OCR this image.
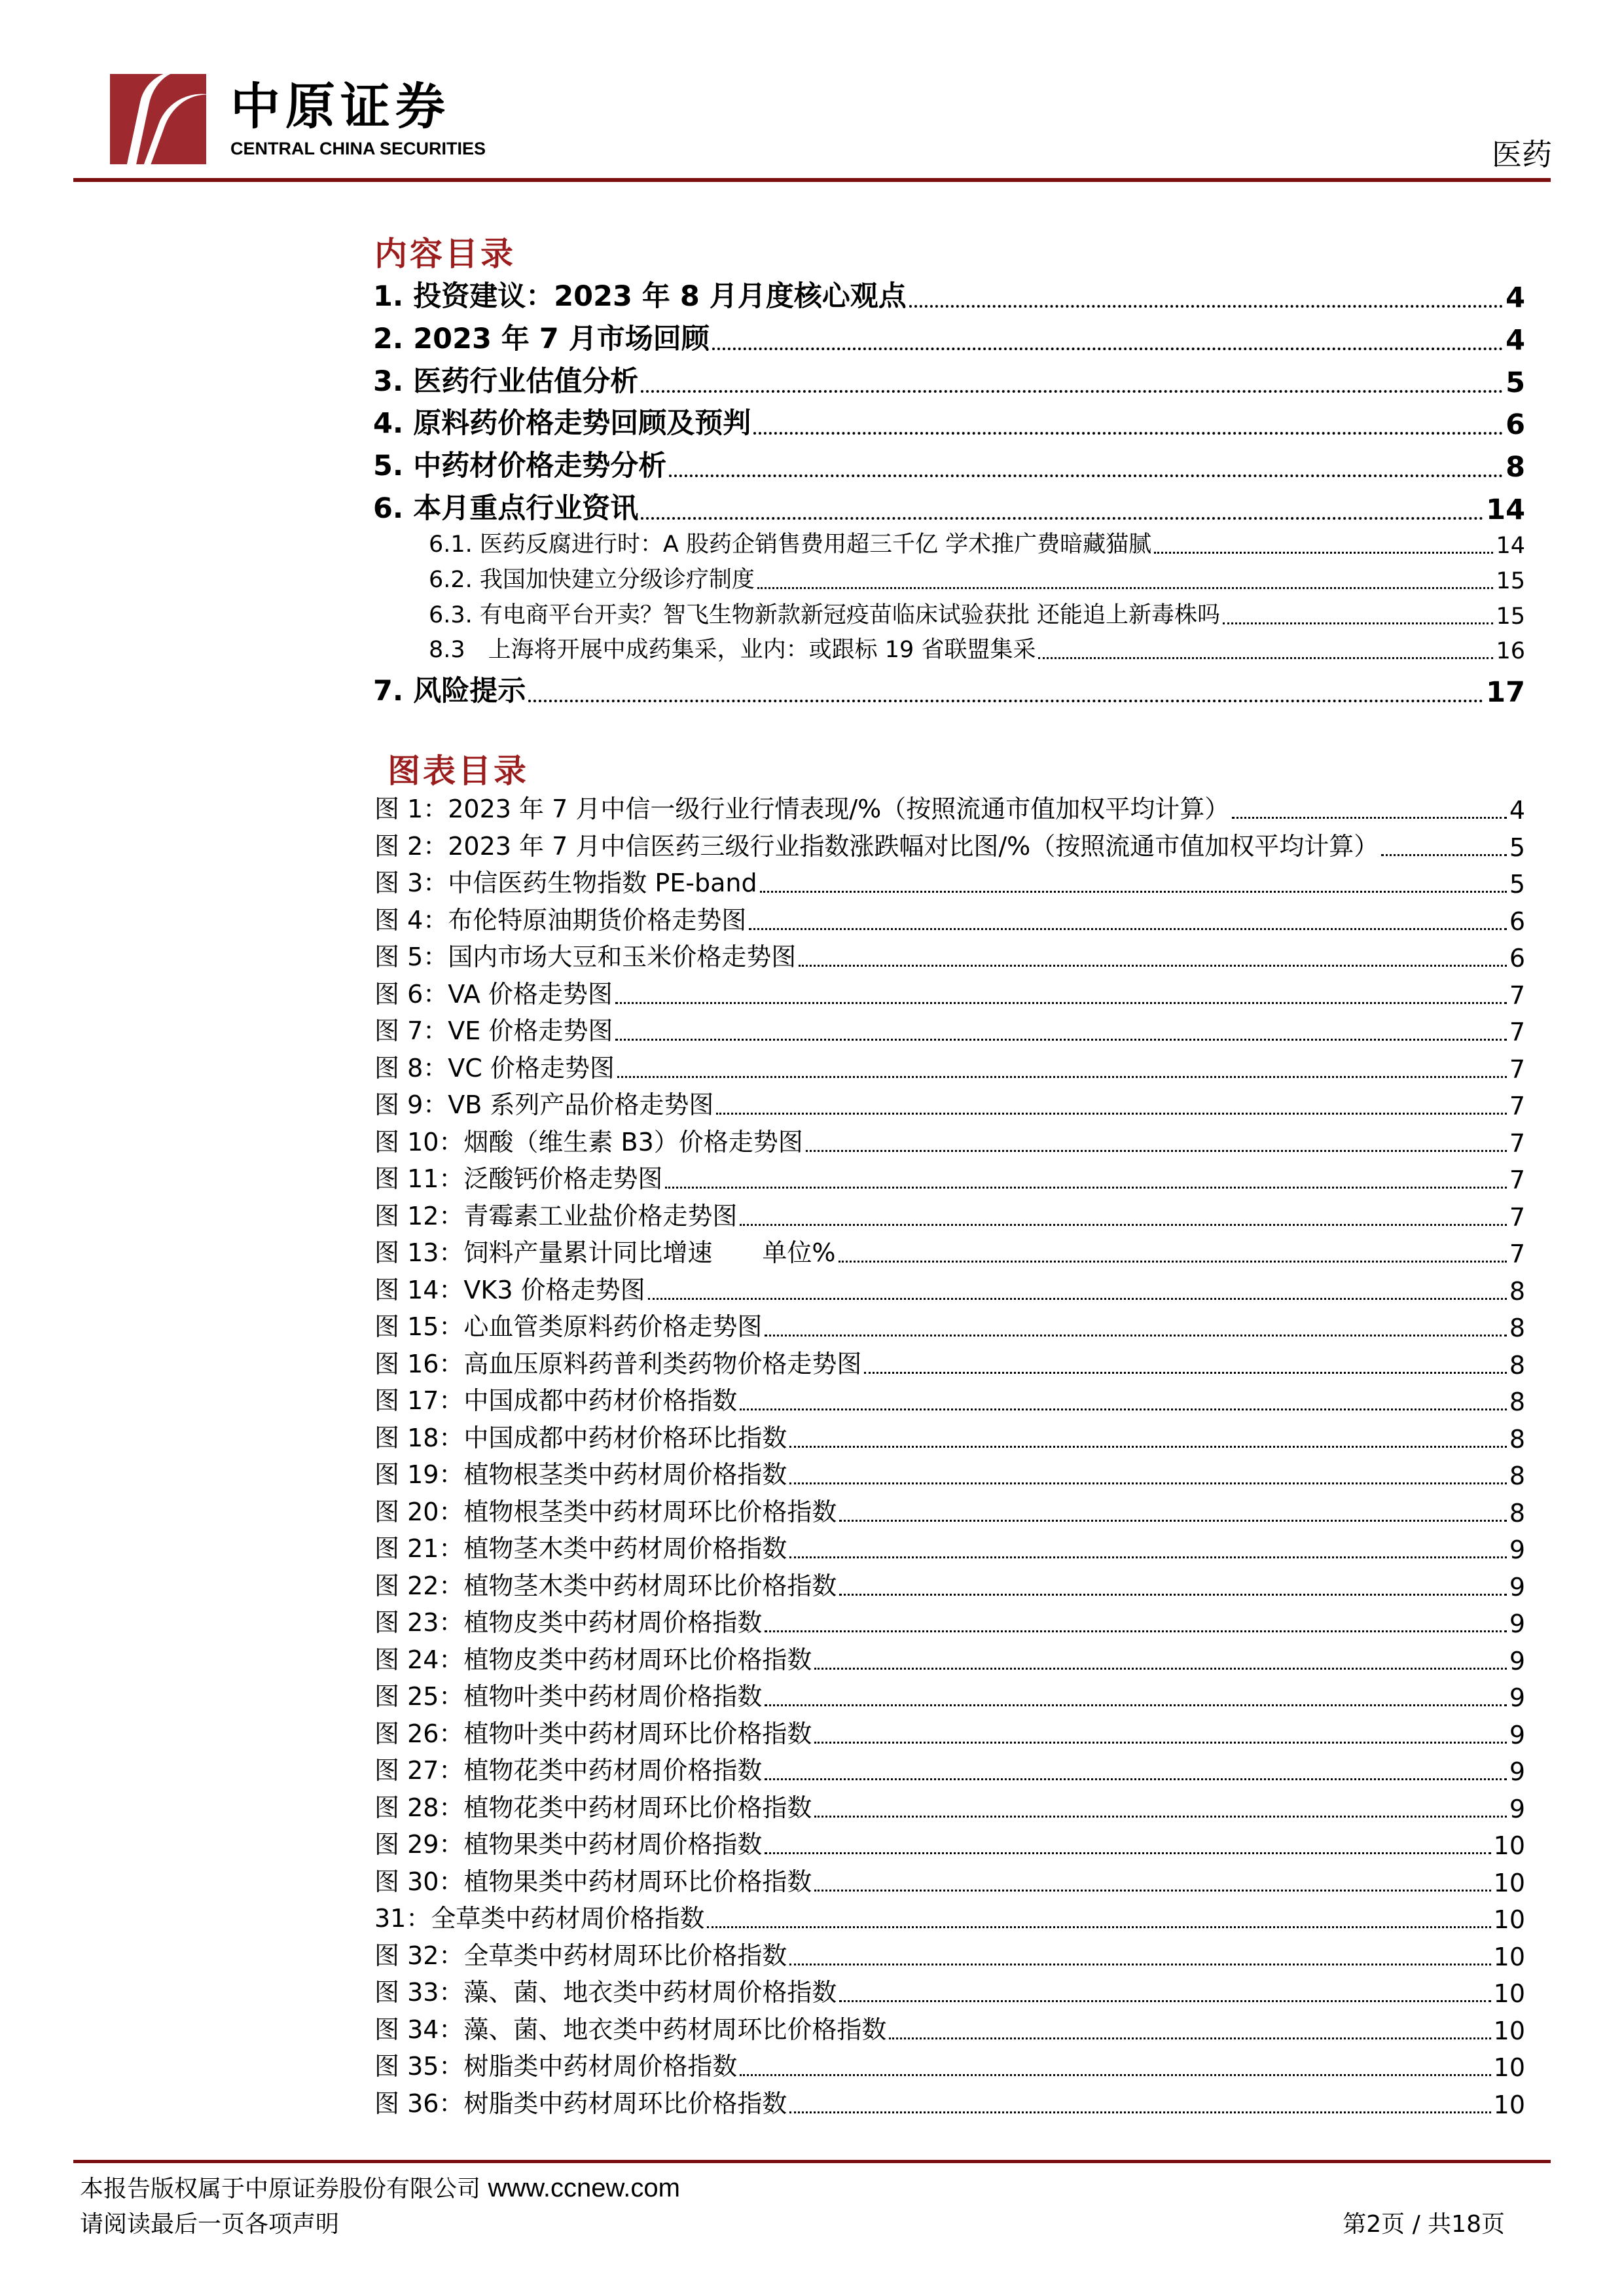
中原证券
CENTRAL CHINA SECURITIES	医药
内容目录
1. 投资建议：2023 年 8 月月度核心观点	4
2. 2023 年 7 月市场回顾	4
3. 医药行业估值分析	5
4. 原料药价格走势回顾及预判	6
5. 中药材价格走势分析	8
6. 本月重点行业资讯	14
6.1. 医药反腐进行时：A 股药企销售费用超三千亿 学术推广费暗藏猫腻	14
6.2. 我国加快建立分级诊疗制度	15
6.3. 有电商平台开卖？智飞生物新款新冠疫苗临床试验获批 还能追上新毒株吗	15
8.3　上海将开展中成药集采，业内：或跟标 19 省联盟集采	16
7. 风险提示	17
图表目录
图 1：2023 年 7 月中信一级行业行情表现/%（按照流通市值加权平均计算）	4
图 2：2023 年 7 月中信医药三级行业指数涨跌幅对比图/%（按照流通市值加权平均计算）	5
图 3：中信医药生物指数 PE-band	5
图 4：布伦特原油期货价格走势图	6
图 5：国内市场大豆和玉米价格走势图	6
图 6：VA 价格走势图	7
图 7：VE 价格走势图	7
图 8：VC 价格走势图	7
图 9：VB 系列产品价格走势图	7
图 10：烟酸（维生素 B3）价格走势图	7
图 11：泛酸钙价格走势图	7
图 12：青霉素工业盐价格走势图	7
图 13：饲料产量累计同比增速　　单位%	7
图 14：VK3 价格走势图	8
图 15：心血管类原料药价格走势图	8
图 16：高血压原料药普利类药物价格走势图	8
图 17：中国成都中药材价格指数	8
图 18：中国成都中药材价格环比指数	8
图 19：植物根茎类中药材周价格指数	8
图 20：植物根茎类中药材周环比价格指数	8
图 21：植物茎木类中药材周价格指数	9
图 22：植物茎木类中药材周环比价格指数	9
图 23：植物皮类中药材周价格指数	9
图 24：植物皮类中药材周环比价格指数	9
图 25：植物叶类中药材周价格指数	9
图 26：植物叶类中药材周环比价格指数	9
图 27：植物花类中药材周价格指数	9
图 28：植物花类中药材周环比价格指数	9
图 29：植物果类中药材周价格指数	10
图 30：植物果类中药材周环比价格指数	10
31：全草类中药材周价格指数	10
图 32：全草类中药材周环比价格指数	10
图 33：藻、菌、地衣类中药材周价格指数	10
图 34：藻、菌、地衣类中药材周环比价格指数	10
图 35：树脂类中药材周价格指数	10
图 36：树脂类中药材周环比价格指数	10
本报告版权属于中原证券股份有限公司 www.ccnew.com
请阅读最后一页各项声明	第2页 / 共18页
